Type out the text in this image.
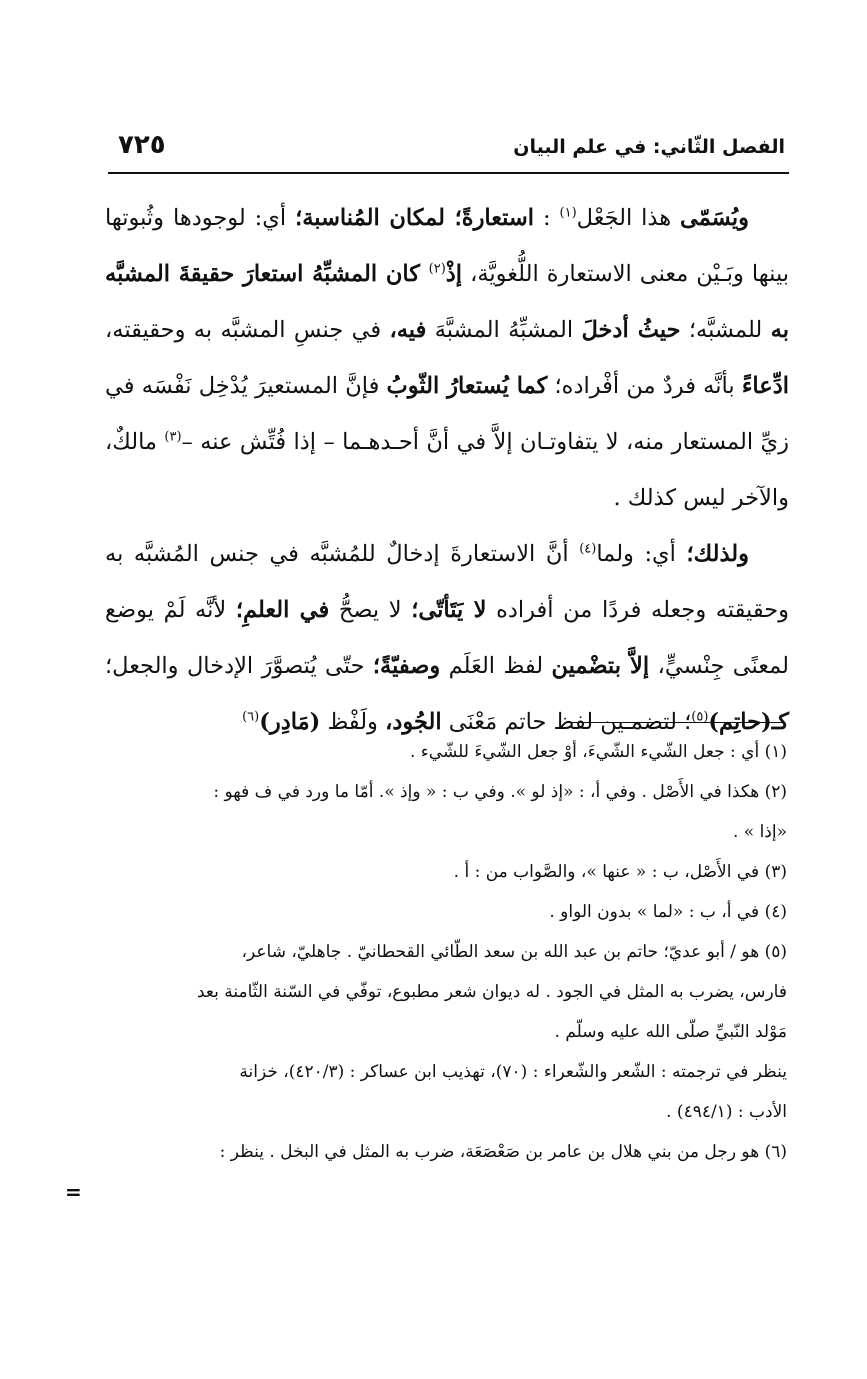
٧٢٥	الفصل الثّاني: في علم البيان

ويُسَمّى هذا الجَعْل$^{(١)}$ : استعارةً؛ لمكان المُناسبة؛ أي: لوجودها وثُبوتها بينها وبَـيْن معنى الاستعارة اللُّغويَّة، إذْ$^{(٢)}$ كان المشبِّهُ استعارَ حقيقةَ المشبَّه به للمشبَّه؛ حيثُ أدخلَ المشبِّهُ المشبَّهَ فيه، في جنسِ المشبَّه به وحقيقته، ادِّعاءً بأنَّه فردٌ من أفْراده؛ كما يُستعارُ الثّوبُ فإنَّ المستعيرَ يُدْخِل نَفْسَه في زيِّ المستعار منه، لا يتفاوتـان إلاَّ في أنَّ أحـدهـما – إذا فُتِّش عنه –$^{(٣)}$ مالكٌ، والآخر ليس كذلك .

ولذلك؛ أي: ولما$^{(٤)}$ أنَّ الاستعارةَ إدخالٌ للمُشبَّه في جنس المُشبَّه به وحقيقته وجعله فردًا من أفراده لا يَتَأتّى؛ لا يصحُّ في العلمِ؛ لأنَّه لَمْ يوضع لمعنًى جِنْسيٍّ، إلاَّ بتضْمين لفظ العَلَم وصفيّةً؛ حتّى يُتصوَّرَ الإدخال والجعل؛ كـ(حاتِم)$^{(٥)}$؛ لتضمـين لفظ حاتم مَعْنَى الجُود، ولَفْظ (مَادِر)$^{(٦)}$

(١) أي : جعل الشّيء الشّيءَ، أوْ جعل الشّيءَ للشّيء .
(٢) هكذا في الأَصْل . وفي أ، : «إذ لو ». وفي ب : « وإذ ». أمّا ما ورد في ف فهو :
«إذا » .
(٣) في الأَصْل، ب : « عنها »، والصَّواب من : أ .
(٤) في أ، ب : «لما » بدون الواو .
(٥) هو / أبو عديّ؛ حاتم بن عبد الله بن سعد الطّائي القحطانيّ . جاهليّ، شاعر،
فارس، يضرب به المثل في الجود . له ديوان شعر مطبوع، توفّي في السّنة الثّامنة بعد
مَوْلد النّبيِّ صلّى الله عليه وسلّم .
ينظر في ترجمته : الشّعر والشّعراء : (٧٠)، تهذيب ابن عساكر : (٤٢٠/٣)، خزانة
الأدب : (٤٩٤/١) .
(٦) هو رجل من بني هلال بن عامر بن صَعْصَعَة، ضرب به المثل في البخل . ينظر :
=
